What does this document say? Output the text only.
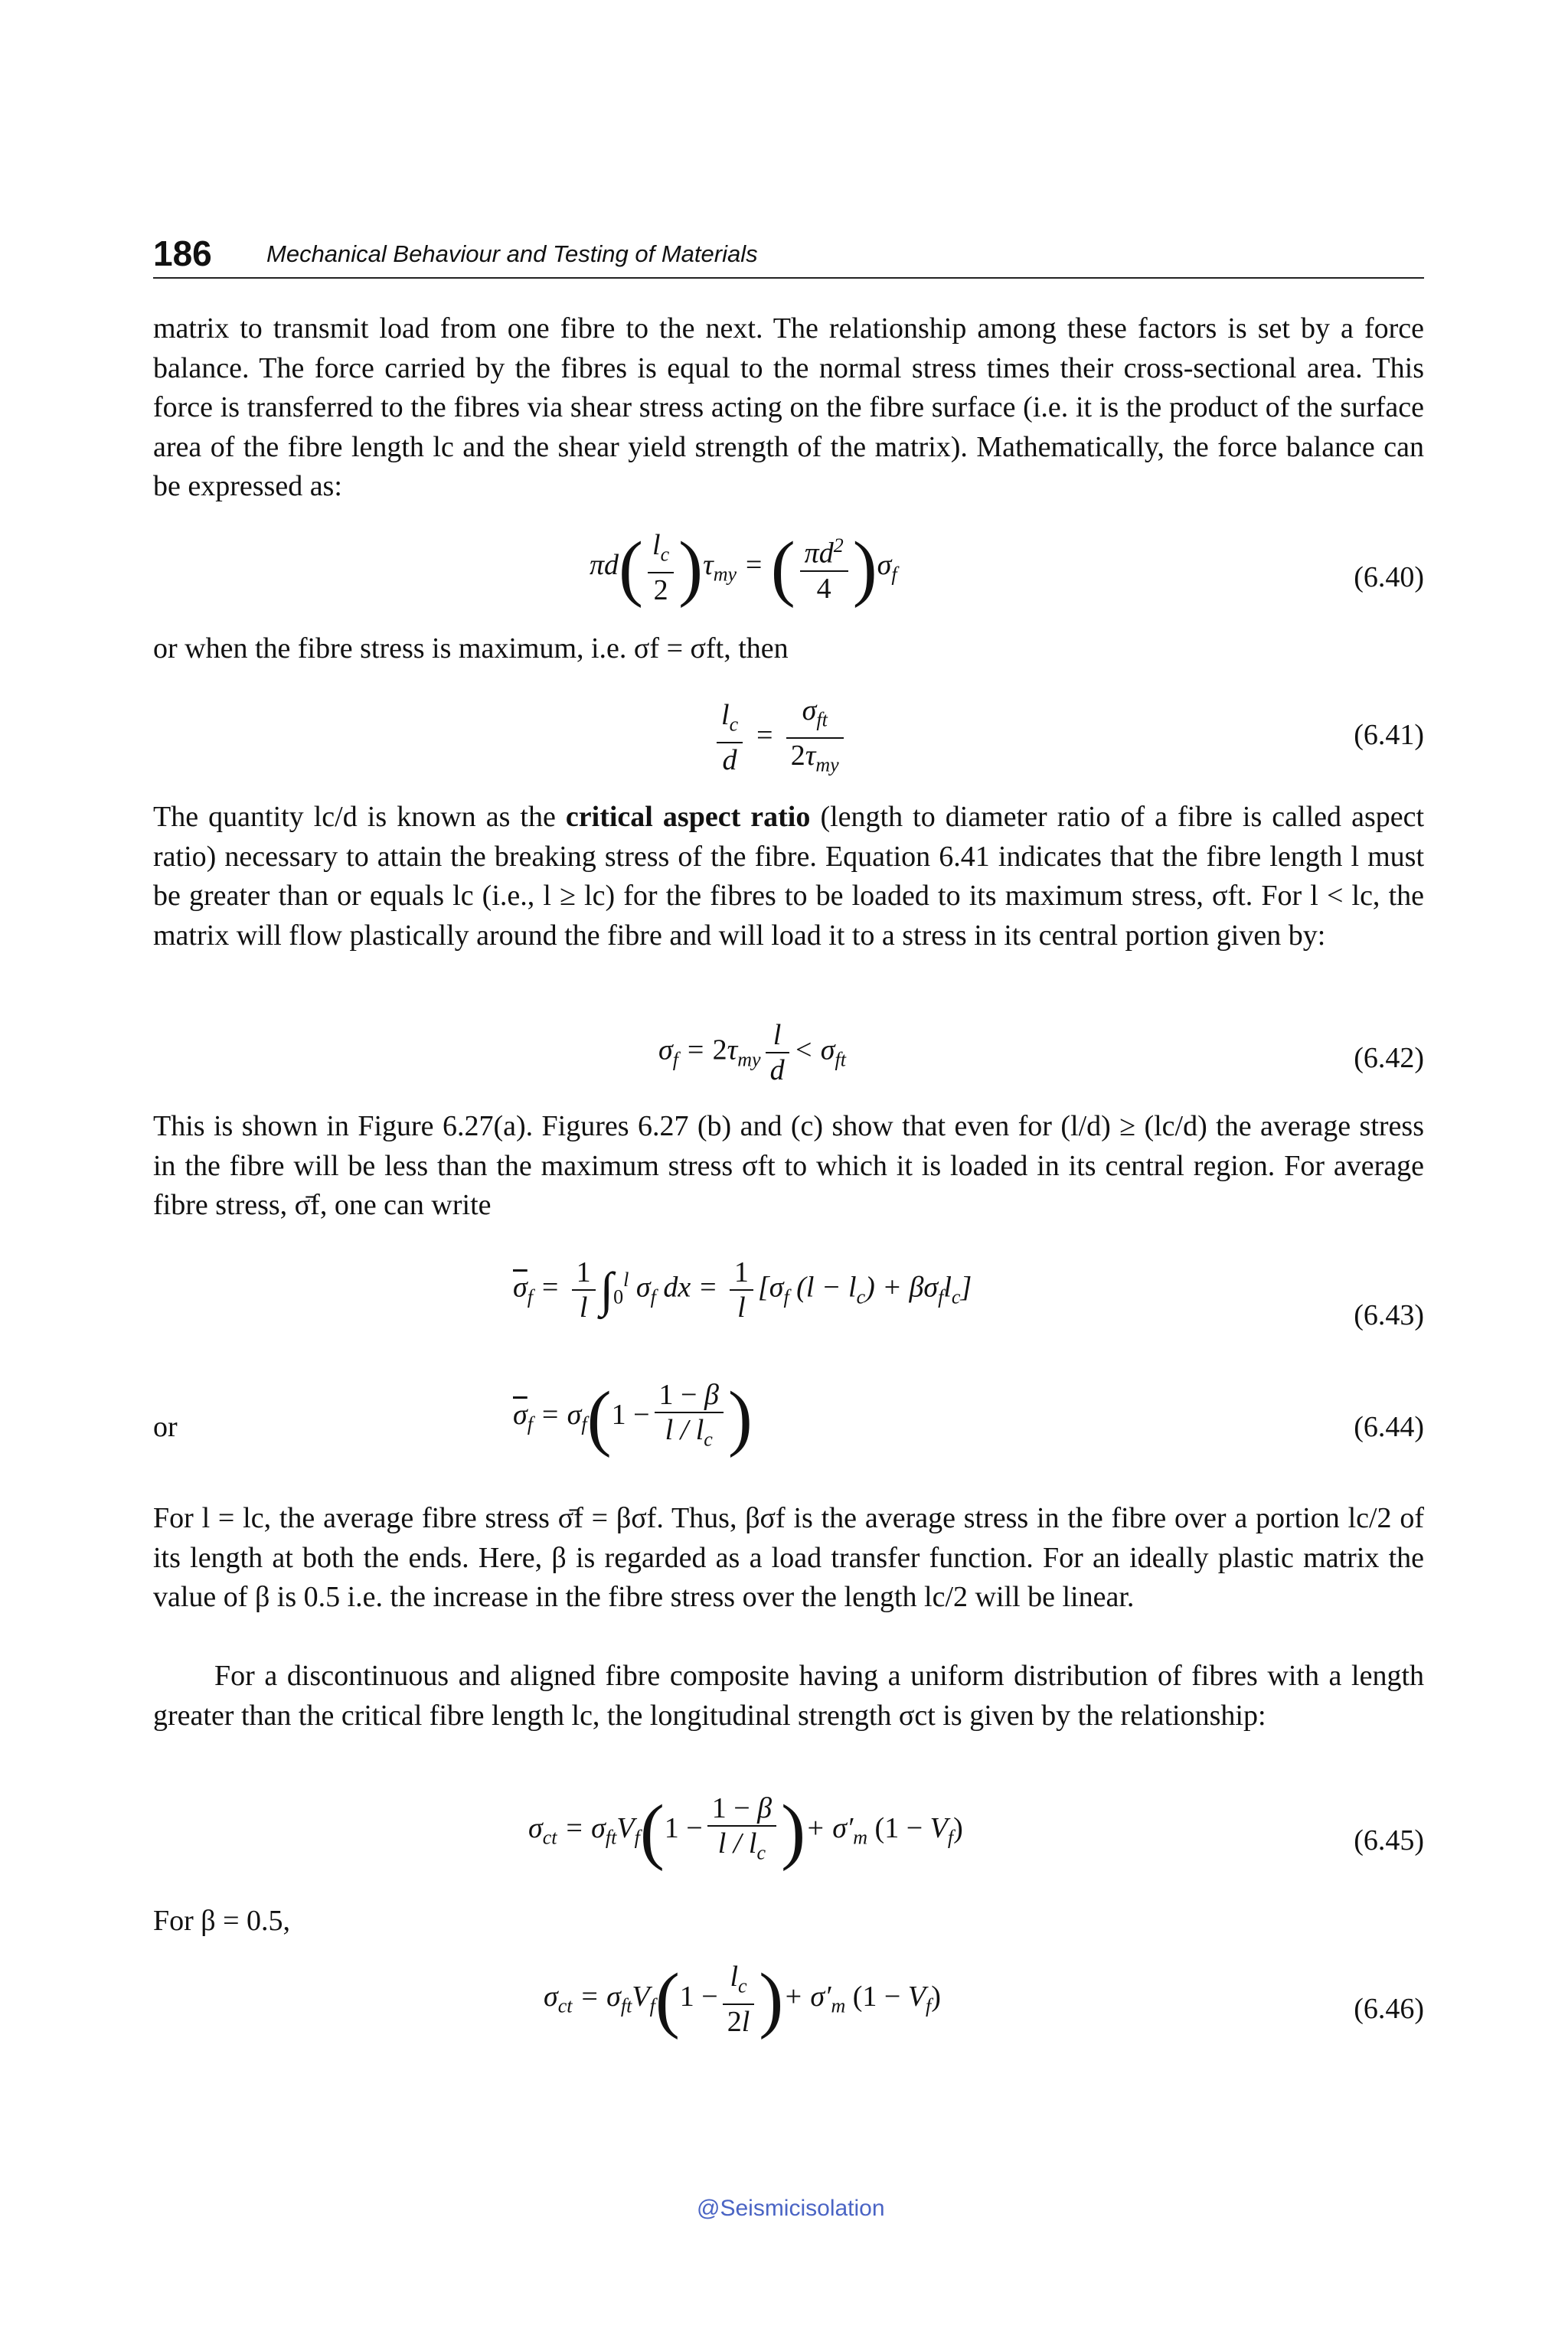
186 Mechanical Behaviour and Testing of Materials

matrix to transmit load from one fibre to the next. The relationship among these factors is set by a force balance. The force carried by the fibres is equal to the normal stress times their cross-sectional area. This force is transferred to the fibres via shear stress acting on the fibre surface (i.e. it is the product of the surface area of the fibre length lc and the shear yield strength of the matrix). Mathematically, the force balance can be expressed as:

$\pi d( \frac{l_c}{2} )\tau_{my}$ = ( $\frac{\pi d^2}{4} )\sigma_f$	(6.40)

or when the fibre stress is maximum, i.e. σf = σft, then

$\frac{l_c}{d} = \frac{\sigma_{ft}}{2\tau_{my}}$	(6.41)

The quantity lc/d is known as the critical aspect ratio (length to diameter ratio of a fibre is called aspect ratio) necessary to attain the breaking stress of the fibre. Equation 6.41 indicates that the fibre length l must be greater than or equals lc (i.e., l ≥ lc) for the fibres to be loaded to its maximum stress, σft. For l < lc, the matrix will flow plastically around the fibre and will load it to a stress in its central portion given by:

$\sigma_f = 2\tau_{my} \frac{l}{d} < \sigma_{ft}$	(6.42)

This is shown in Figure 6.27(a). Figures 6.27 (b) and (c) show that even for (l/d) ≥ (lc/d) the average stress in the fibre will be less than the maximum stress σft to which it is loaded in its central region. For average fibre stress, σ̄f, one can write

$\overline{\sigma}_f = \frac{1}{l} \int_0^l$ $\sigma_f$ dx = $\frac{1}{l} [\sigma_f$ $(l - l_c) + \beta\sigma_fl_c$]
(6.43)
or	$\overline{\sigma}_f = \sigma_f(1 - \frac{1 - \beta}{l / l_c}$ )	(6.44)

For l = lc, the average fibre stress σ̄f = βσf. Thus, βσf is the average stress in the fibre over a portion lc/2 of its length at both the ends. Here, β is regarded as a load transfer function. For an ideally plastic matrix the value of β is 0.5 i.e. the increase in the fibre stress over the length lc/2 will be linear.

For a discontinuous and aligned fibre composite having a uniform distribution of fibres with a length greater than the critical fibre length lc, the longitudinal strength σct is given by the relationship:

$\sigma_{ct} = \sigma_{ft}V_f(1 - \frac{1 - \beta}{l / l_c}$ )+ $\sigma'_m$ $(1 - V_f)$	(6.45)

For β = 0.5,

$\sigma_{ct} = \sigma_{ft}V_f(1 - \frac{l_c}{2l}$ )+ $\sigma'_m$ $(1 - V_f)$	(6.46)
@Seismicisolation
